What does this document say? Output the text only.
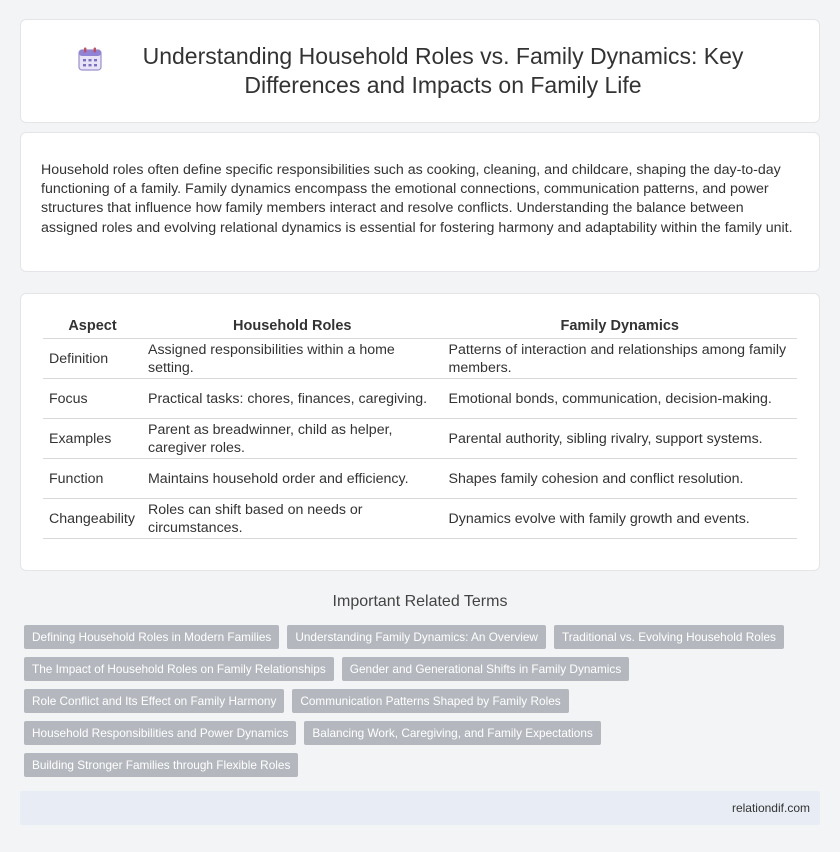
Understanding Household Roles vs. Family Dynamics: Key Differences and Impacts on Family Life

Household roles often define specific responsibilities such as cooking, cleaning, and childcare, shaping the day-to-day functioning of a family. Family dynamics encompass the emotional connections, communication patterns, and power structures that influence how family members interact and resolve conflicts. Understanding the balance between assigned roles and evolving relational dynamics is essential for fostering harmony and adaptability within the family unit.

Aspect	Household Roles	Family Dynamics
Definition	Assigned responsibilities within a home setting.	Patterns of interaction and relationships among family members.
Focus	Practical tasks: chores, finances, caregiving.	Emotional bonds, communication, decision-making.
Examples	Parent as breadwinner, child as helper, caregiver roles.	Parental authority, sibling rivalry, support systems.
Function	Maintains household order and efficiency.	Shapes family cohesion and conflict resolution.
Changeability	Roles can shift based on needs or circumstances.	Dynamics evolve with family growth and events.
Important Related Terms
Defining Household Roles in Modern Families	Understanding Family Dynamics: An Overview	Traditional vs. Evolving Household Roles
The Impact of Household Roles on Family Relationships	Gender and Generational Shifts in Family Dynamics
Role Conflict and Its Effect on Family Harmony	Communication Patterns Shaped by Family Roles
Household Responsibilities and Power Dynamics	Balancing Work, Caregiving, and Family Expectations
Building Stronger Families through Flexible Roles
relationdif.com
